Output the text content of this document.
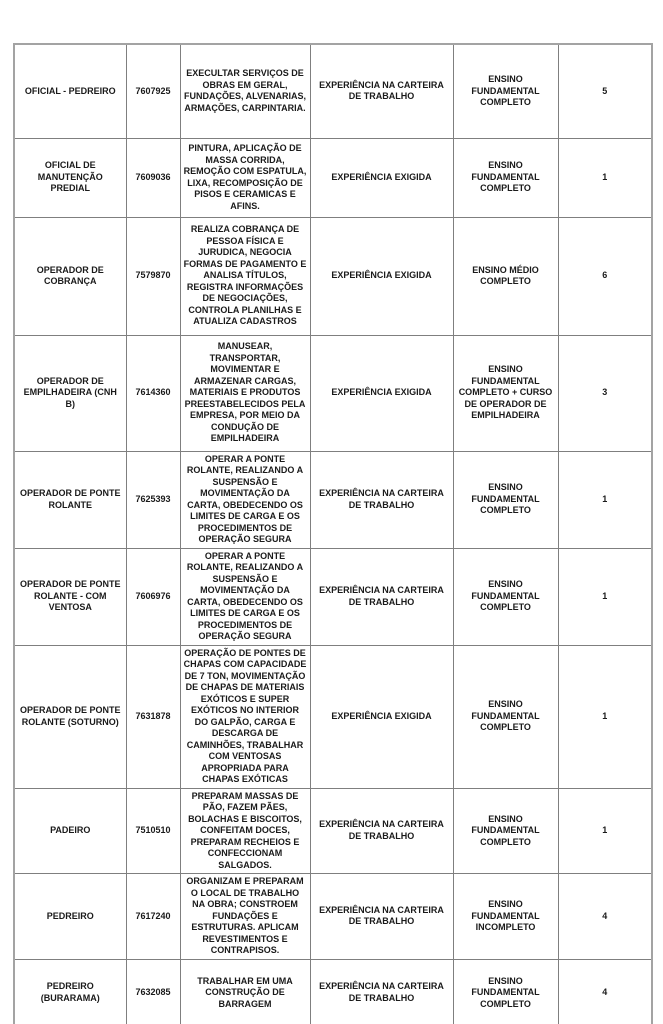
OFICIAL - PEDREIRO	7607925	EXECULTAR SERVIÇOS DE OBRAS EM GERAL, FUNDAÇÕES, ALVENARIAS, ARMAÇÕES, CARPINTARIA.	EXPERIÊNCIA NA CARTEIRA DE TRABALHO	ENSINO FUNDAMENTAL COMPLETO	5
OFICIAL DE MANUTENÇÃO PREDIAL	7609036	PINTURA, APLICAÇÃO DE MASSA CORRIDA, REMOÇÃO COM ESPATULA, LIXA, RECOMPOSIÇÃO DE PISOS E CERAMICAS E AFINS.	EXPERIÊNCIA EXIGIDA	ENSINO FUNDAMENTAL COMPLETO	1
OPERADOR DE COBRANÇA	7579870	REALIZA COBRANÇA DE PESSOA FÍSICA E JURUDICA, NEGOCIA FORMAS DE PAGAMENTO E ANALISA TÍTULOS, REGISTRA INFORMAÇÕES DE NEGOCIAÇÕES, CONTROLA PLANILHAS E ATUALIZA CADASTROS	EXPERIÊNCIA EXIGIDA	ENSINO MÉDIO COMPLETO	6
OPERADOR DE EMPILHADEIRA (CNH B)	7614360	MANUSEAR, TRANSPORTAR, MOVIMENTAR E ARMAZENAR CARGAS, MATERIAIS E PRODUTOS PREESTABELECIDOS PELA EMPRESA, POR MEIO DA CONDUÇÃO DE EMPILHADEIRA	EXPERIÊNCIA EXIGIDA	ENSINO FUNDAMENTAL COMPLETO + CURSO DE OPERADOR DE EMPILHADEIRA	3
OPERADOR DE PONTE ROLANTE	7625393	OPERAR A PONTE ROLANTE, REALIZANDO A SUSPENSÃO E MOVIMENTAÇÃO DA CARTA, OBEDECENDO OS LIMITES DE CARGA E OS PROCEDIMENTOS DE OPERAÇÃO SEGURA	EXPERIÊNCIA NA CARTEIRA DE TRABALHO	ENSINO FUNDAMENTAL COMPLETO	1
OPERADOR DE PONTE ROLANTE - COM VENTOSA	7606976	OPERAR A PONTE ROLANTE, REALIZANDO A SUSPENSÃO E MOVIMENTAÇÃO DA CARTA, OBEDECENDO OS LIMITES DE CARGA E OS PROCEDIMENTOS DE OPERAÇÃO SEGURA	EXPERIÊNCIA NA CARTEIRA DE TRABALHO	ENSINO FUNDAMENTAL COMPLETO	1
OPERADOR DE PONTE ROLANTE (SOTURNO)	7631878	OPERAÇÃO DE PONTES DE CHAPAS COM CAPACIDADE DE 7 TON, MOVIMENTAÇÃO DE CHAPAS DE MATERIAIS EXÓTICOS E SUPER EXÓTICOS NO INTERIOR DO GALPÃO, CARGA E DESCARGA DE CAMINHÕES, TRABALHAR COM VENTOSAS APROPRIADA PARA CHAPAS EXÓTICAS	EXPERIÊNCIA EXIGIDA	ENSINO FUNDAMENTAL COMPLETO	1
PADEIRO	7510510	PREPARAM MASSAS DE PÃO, FAZEM PÃES, BOLACHAS E BISCOITOS, CONFEITAM DOCES, PREPARAM RECHEIOS E CONFECCIONAM SALGADOS.	EXPERIÊNCIA NA CARTEIRA DE TRABALHO	ENSINO FUNDAMENTAL COMPLETO	1
PEDREIRO	7617240	ORGANIZAM E PREPARAM O LOCAL DE TRABALHO NA OBRA; CONSTROEM FUNDAÇÕES E ESTRUTURAS. APLICAM REVESTIMENTOS E CONTRAPISOS.	EXPERIÊNCIA NA CARTEIRA DE TRABALHO	ENSINO FUNDAMENTAL INCOMPLETO	4
PEDREIRO (BURARAMA)	7632085	TRABALHAR EM UMA CONSTRUÇÃO DE BARRAGEM	EXPERIÊNCIA NA CARTEIRA DE TRABALHO	ENSINO FUNDAMENTAL COMPLETO	4
